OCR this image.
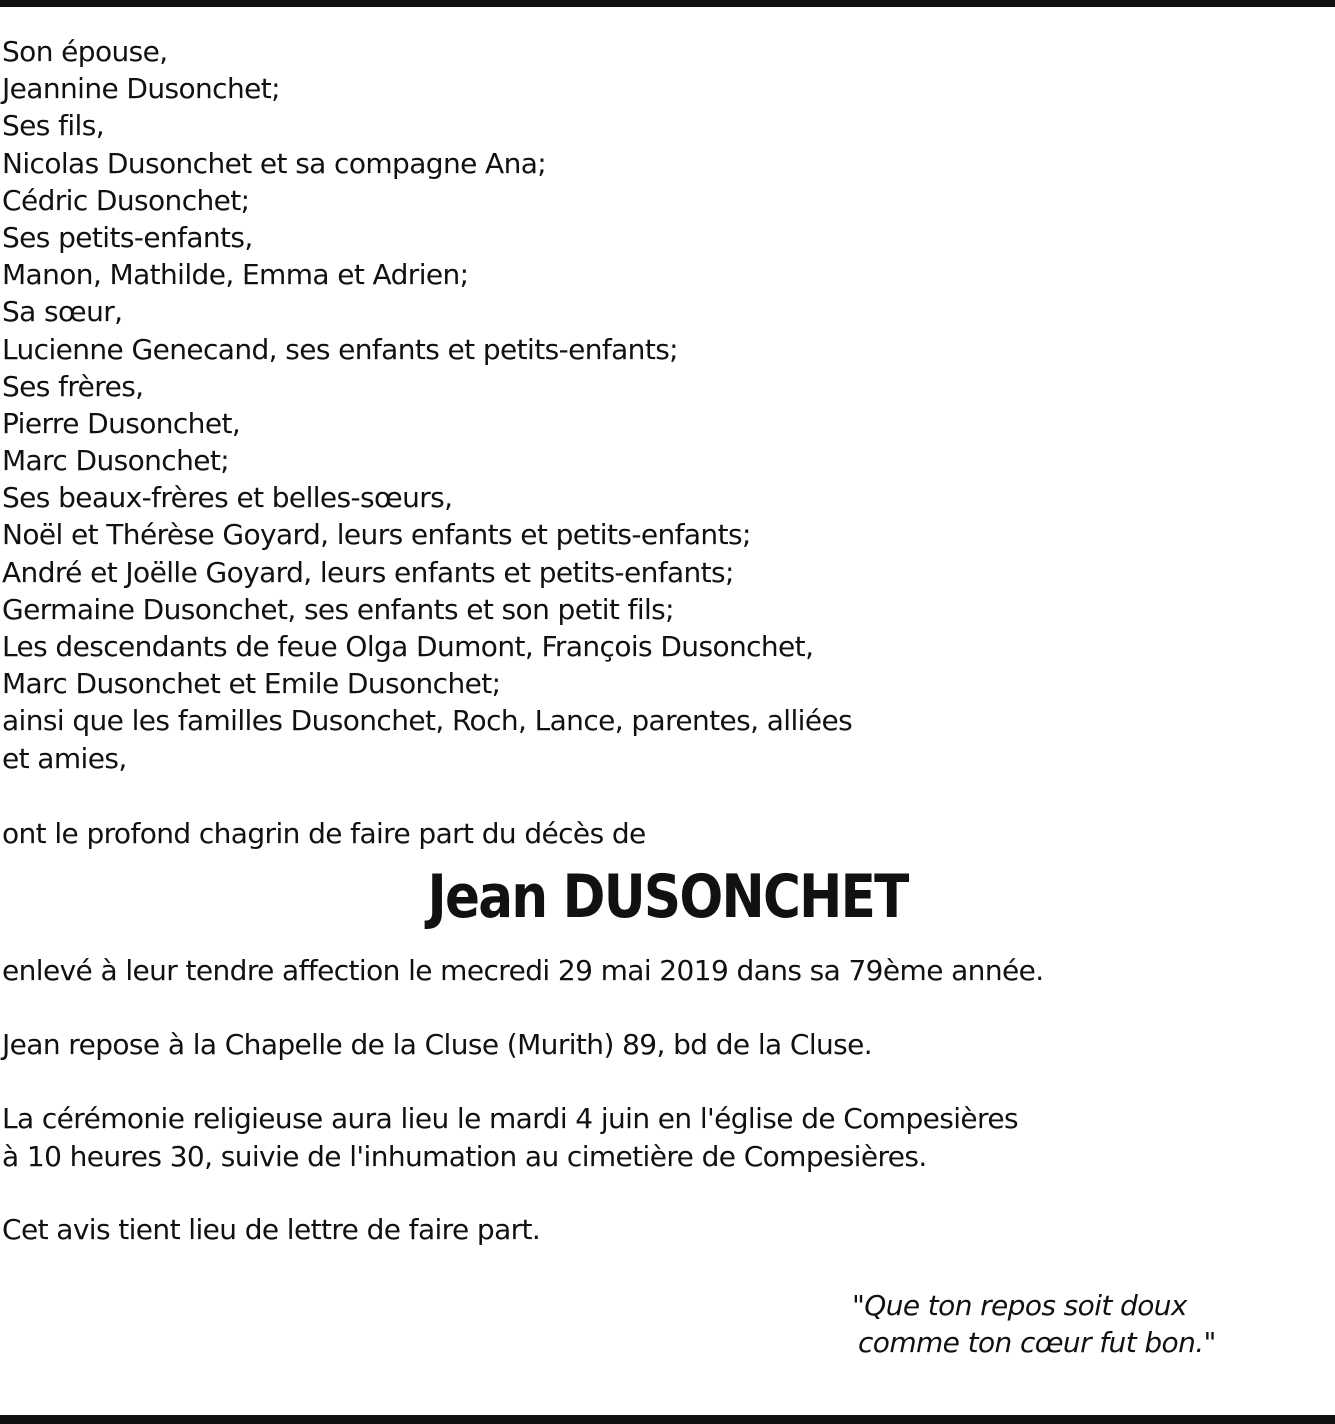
Son épouse,
Jeannine Dusonchet;
Ses fils,
Nicolas Dusonchet et sa compagne Ana;
Cédric Dusonchet;
Ses petits-enfants,
Manon, Mathilde, Emma et Adrien;
Sa sœur,
Lucienne Genecand, ses enfants et petits-enfants;
Ses frères,
Pierre Dusonchet,
Marc Dusonchet;
Ses beaux-frères et belles-sœurs,
Noël et Thérèse Goyard, leurs enfants et petits-enfants;
André et Joëlle Goyard, leurs enfants et petits-enfants;
Germaine Dusonchet, ses enfants et son petit fils;
Les descendants de feue Olga Dumont, François Dusonchet,
Marc Dusonchet et Emile Dusonchet;
ainsi que les familles Dusonchet, Roch, Lance, parentes, alliées
et amies,

ont le profond chagrin de faire part du décès de

Jean DUSONCHET

enlevé à leur tendre affection le mecredi 29 mai 2019 dans sa 79ème année.

Jean repose à la Chapelle de la Cluse (Murith) 89, bd de la Cluse.

La cérémonie religieuse aura lieu le mardi 4 juin en l'église de Compesières
à 10 heures 30, suivie de l'inhumation au cimetière de Compesières.

Cet avis tient lieu de lettre de faire part.

"Que ton repos soit doux
comme ton cœur fut bon."
